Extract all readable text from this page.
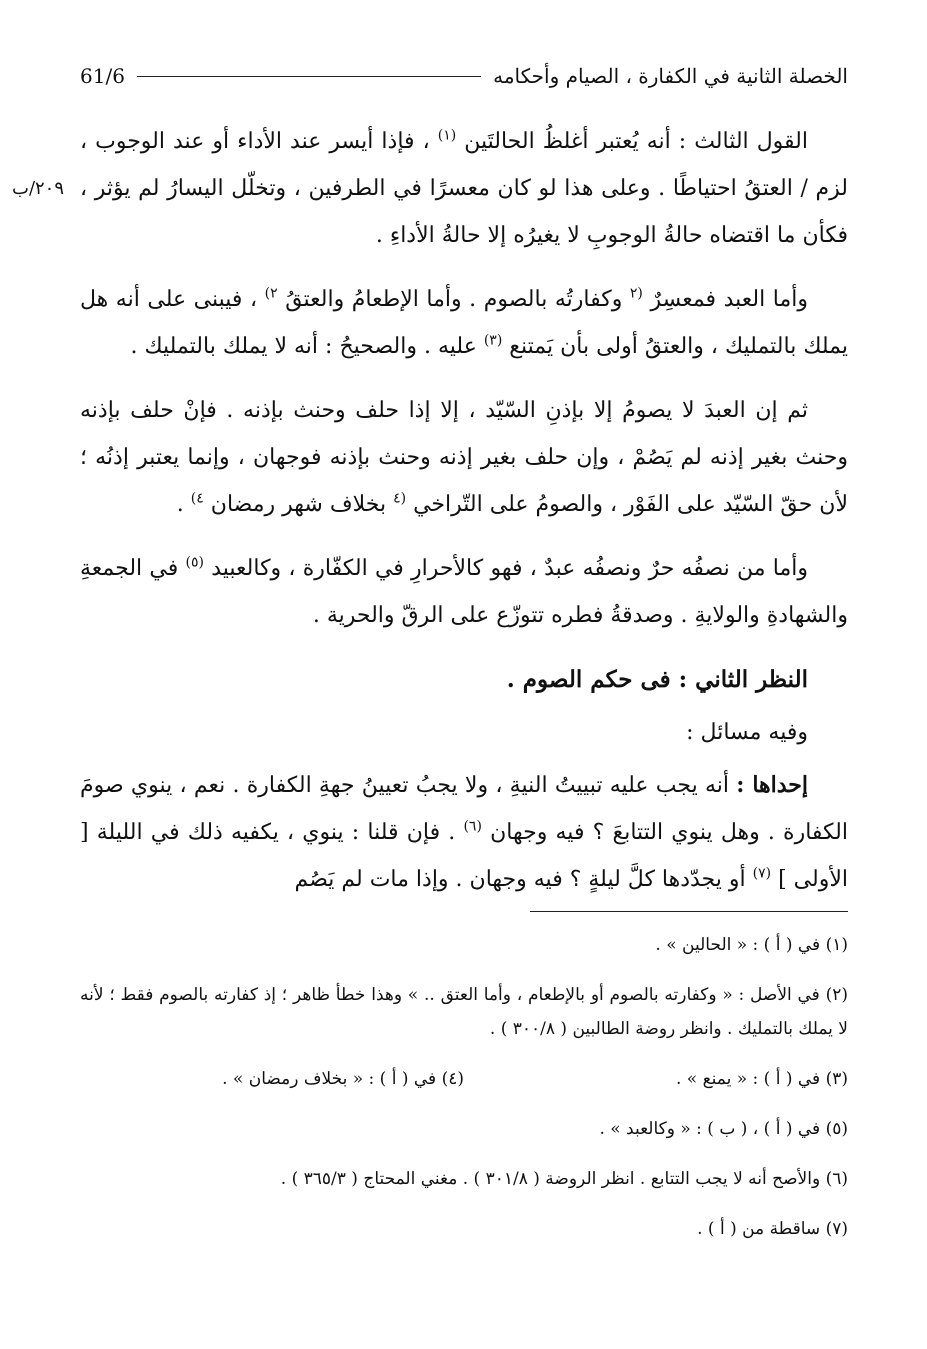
الخصلة الثانية في الكفارة ، الصيام وأحكامه
61/6
٢٠٩/ب

القول الثالث : أنه يُعتبر أغلظُ الحالتَين $^{(١)}$ ، فإذا أيسر عند الأداء أو عند الوجوب ، لزم / العتقُ احتياطًا . وعلى هذا لو كان معسرًا في الطرفين ، وتخلّل اليسارُ لم يؤثر ، فكأن ما اقتضاه حالةُ الوجوبِ لا يغيرُه إلا حالةُ الأداءِ .

وأما العبد فمعسِرٌ $^{(٢}$ وكفارتُه بالصوم . وأما الإطعامُ والعتقُ $^{٢)}$ ، فيبنى على أنه هل يملك بالتمليك ، والعتقُ أولى بأن يَمتنع $^{(٣)}$ عليه . والصحيحُ : أنه لا يملك بالتمليك .

ثم إن العبدَ لا يصومُ إلا بإذنِ السّيّد ، إلا إذا حلف وحنث بإذنه . فإنْ حلف بإذنه وحنث بغير إذنه لم يَصُمْ ، وإن حلف بغير إذنه وحنث بإذنه فوجهان ، وإنما يعتبر إذنُه ؛ لأن حقّ السّيّد على الفَوْر ، والصومُ على التّراخي $^{(٤}$ بخلاف شهر رمضان $^{٤)}$ .

وأما من نصفُه حرٌ ونصفُه عبدٌ ، فهو كالأحرارِ في الكفّارة ، وكالعبيد $^{(٥)}$ في الجمعةِ والشهادةِ والولايةِ . وصدقةُ فطره تتوزّع على الرقّ والحرية .

النظر الثاني : فى حكم الصوم .

وفيه مسائل :

إحداها : أنه يجب عليه تبييتُ النيةِ ، ولا يجبُ تعيينُ جهةِ الكفارة . نعم ، ينوي صومَ الكفارة . وهل ينوي التتابعَ ؟ فيه وجهان $^{(٦)}$ . فإن قلنا : ينوي ، يكفيه ذلك في الليلة [ الأولى ] $^{(٧)}$ أو يجدّدها كلَّ ليلةٍ ؟ فيه وجهان . وإذا مات لم يَصُم

(١) في ( أ ) : « الحالين » .

(٢) في الأصل : « وكفارته بالصوم أو بالإطعام ، وأما العتق .. » وهذا خطأ ظاهر ؛ إذ كفارته بالصوم فقط ؛ لأنه لا يملك بالتمليك . وانظر روضة الطالبين ( ٣٠٠/٨ ) .

(٣) في ( أ ) : « يمنع » .

(٤) في ( أ ) : « بخلاف رمضان » .

(٥) في ( أ ) ، ( ب ) : « وكالعبد » .

(٦) والأصح أنه لا يجب التتابع . انظر الروضة ( ٣٠١/٨ ) . مغني المحتاج ( ٣٦٥/٣ ) .

(٧) ساقطة من ( أ ) .
